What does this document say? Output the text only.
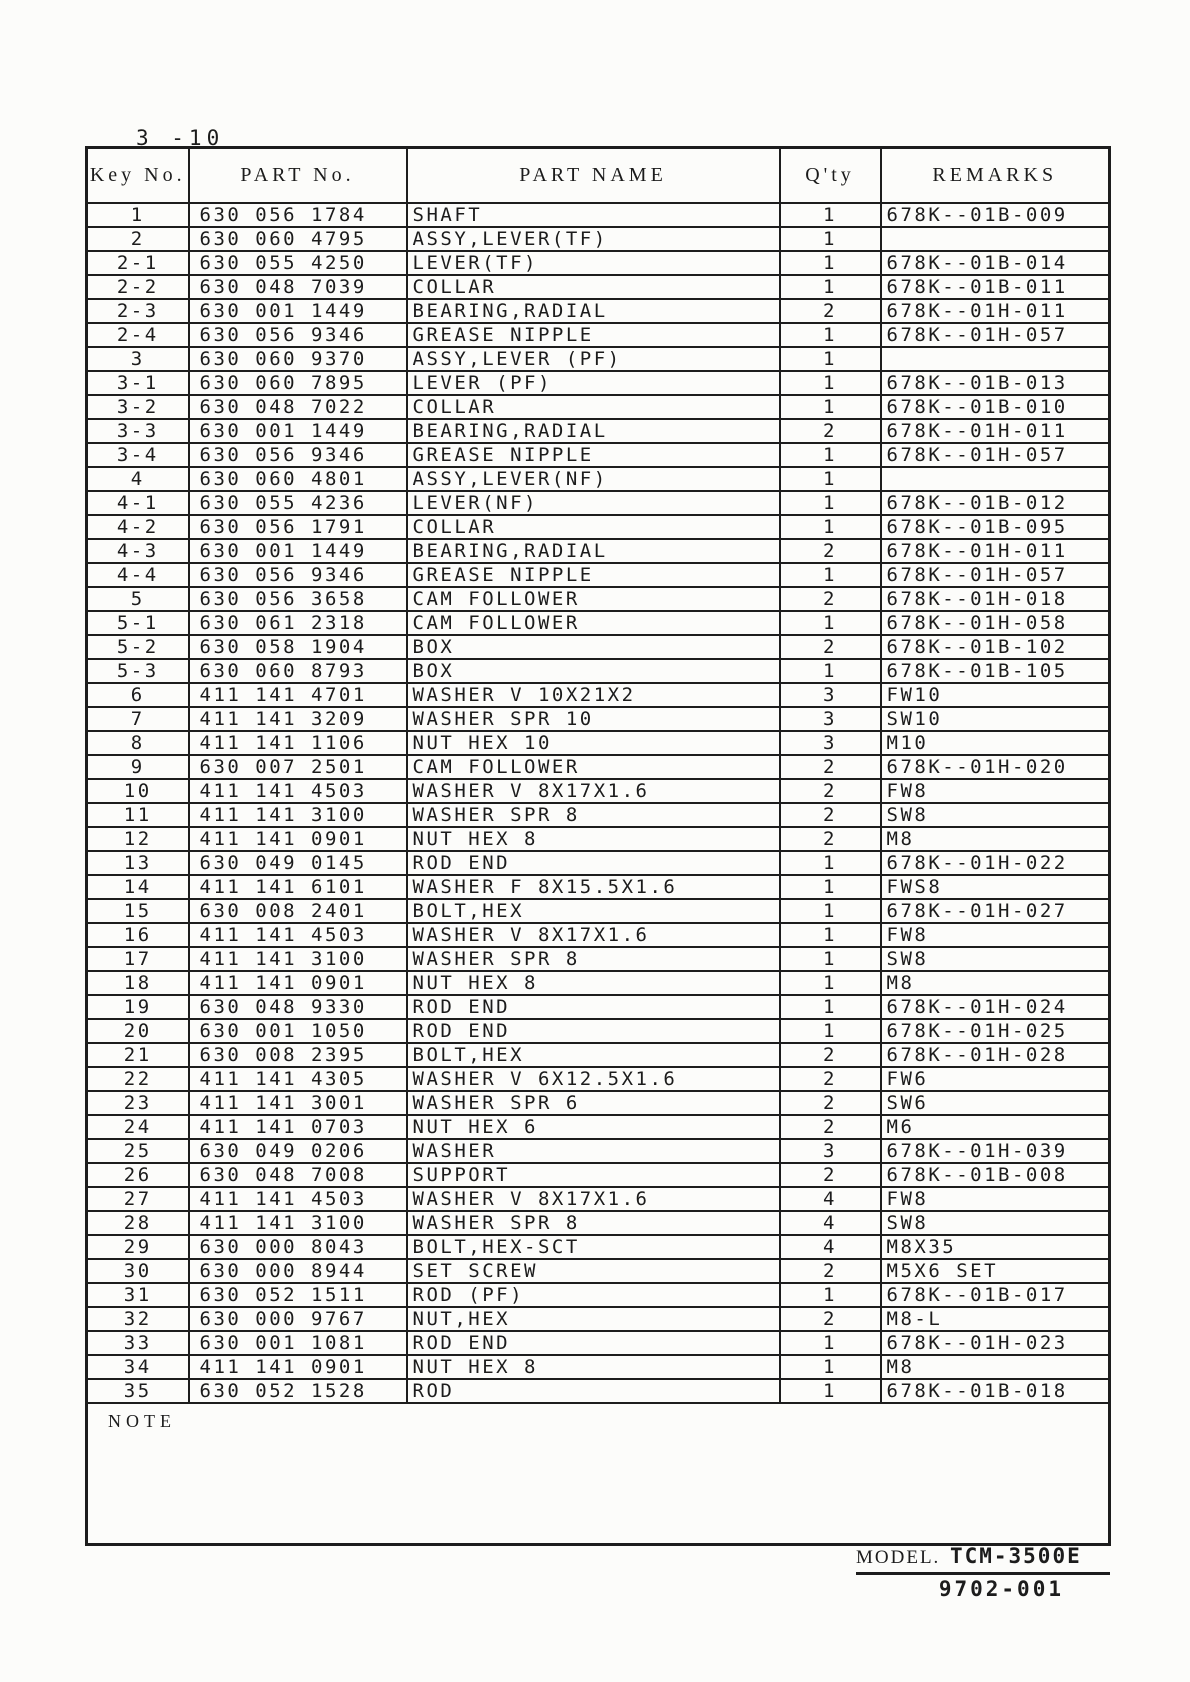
3 -10
Key No.	PART No.	PART NAME	Q'ty	REMARKS
1	630 056 1784	SHAFT	1	678K--01B-009
2	630 060 4795	ASSY,LEVER(TF)	1	
2-1	630 055 4250	LEVER(TF)	1	678K--01B-014
2-2	630 048 7039	COLLAR	1	678K--01B-011
2-3	630 001 1449	BEARING,RADIAL	2	678K--01H-011
2-4	630 056 9346	GREASE NIPPLE	1	678K--01H-057
3	630 060 9370	ASSY,LEVER (PF)	1	
3-1	630 060 7895	LEVER (PF)	1	678K--01B-013
3-2	630 048 7022	COLLAR	1	678K--01B-010
3-3	630 001 1449	BEARING,RADIAL	2	678K--01H-011
3-4	630 056 9346	GREASE NIPPLE	1	678K--01H-057
4	630 060 4801	ASSY,LEVER(NF)	1	
4-1	630 055 4236	LEVER(NF)	1	678K--01B-012
4-2	630 056 1791	COLLAR	1	678K--01B-095
4-3	630 001 1449	BEARING,RADIAL	2	678K--01H-011
4-4	630 056 9346	GREASE NIPPLE	1	678K--01H-057
5	630 056 3658	CAM FOLLOWER	2	678K--01H-018
5-1	630 061 2318	CAM FOLLOWER	1	678K--01H-058
5-2	630 058 1904	BOX	2	678K--01B-102
5-3	630 060 8793	BOX	1	678K--01B-105
6	411 141 4701	WASHER V 10X21X2	3	FW10
7	411 141 3209	WASHER SPR 10	3	SW10
8	411 141 1106	NUT HEX 10	3	M10
9	630 007 2501	CAM FOLLOWER	2	678K--01H-020
10	411 141 4503	WASHER V 8X17X1.6	2	FW8
11	411 141 3100	WASHER SPR 8	2	SW8
12	411 141 0901	NUT HEX 8	2	M8
13	630 049 0145	ROD END	1	678K--01H-022
14	411 141 6101	WASHER F 8X15.5X1.6	1	FWS8
15	630 008 2401	BOLT,HEX	1	678K--01H-027
16	411 141 4503	WASHER V 8X17X1.6	1	FW8
17	411 141 3100	WASHER SPR 8	1	SW8
18	411 141 0901	NUT HEX 8	1	M8
19	630 048 9330	ROD END	1	678K--01H-024
20	630 001 1050	ROD END	1	678K--01H-025
21	630 008 2395	BOLT,HEX	2	678K--01H-028
22	411 141 4305	WASHER V 6X12.5X1.6	2	FW6
23	411 141 3001	WASHER SPR 6	2	SW6
24	411 141 0703	NUT HEX 6	2	M6
25	630 049 0206	WASHER	3	678K--01H-039
26	630 048 7008	SUPPORT	2	678K--01B-008
27	411 141 4503	WASHER V 8X17X1.6	4	FW8
28	411 141 3100	WASHER SPR 8	4	SW8
29	630 000 8043	BOLT,HEX-SCT	4	M8X35
30	630 000 8944	SET SCREW	2	M5X6 SET
31	630 052 1511	ROD (PF)	1	678K--01B-017
32	630 000 9767	NUT,HEX	2	M8-L
33	630 001 1081	ROD END	1	678K--01H-023
34	411 141 0901	NUT HEX 8	1	M8
35	630 052 1528	ROD	1	678K--01B-018
NOTE				
MODEL. TCM-3500E
9702-001
